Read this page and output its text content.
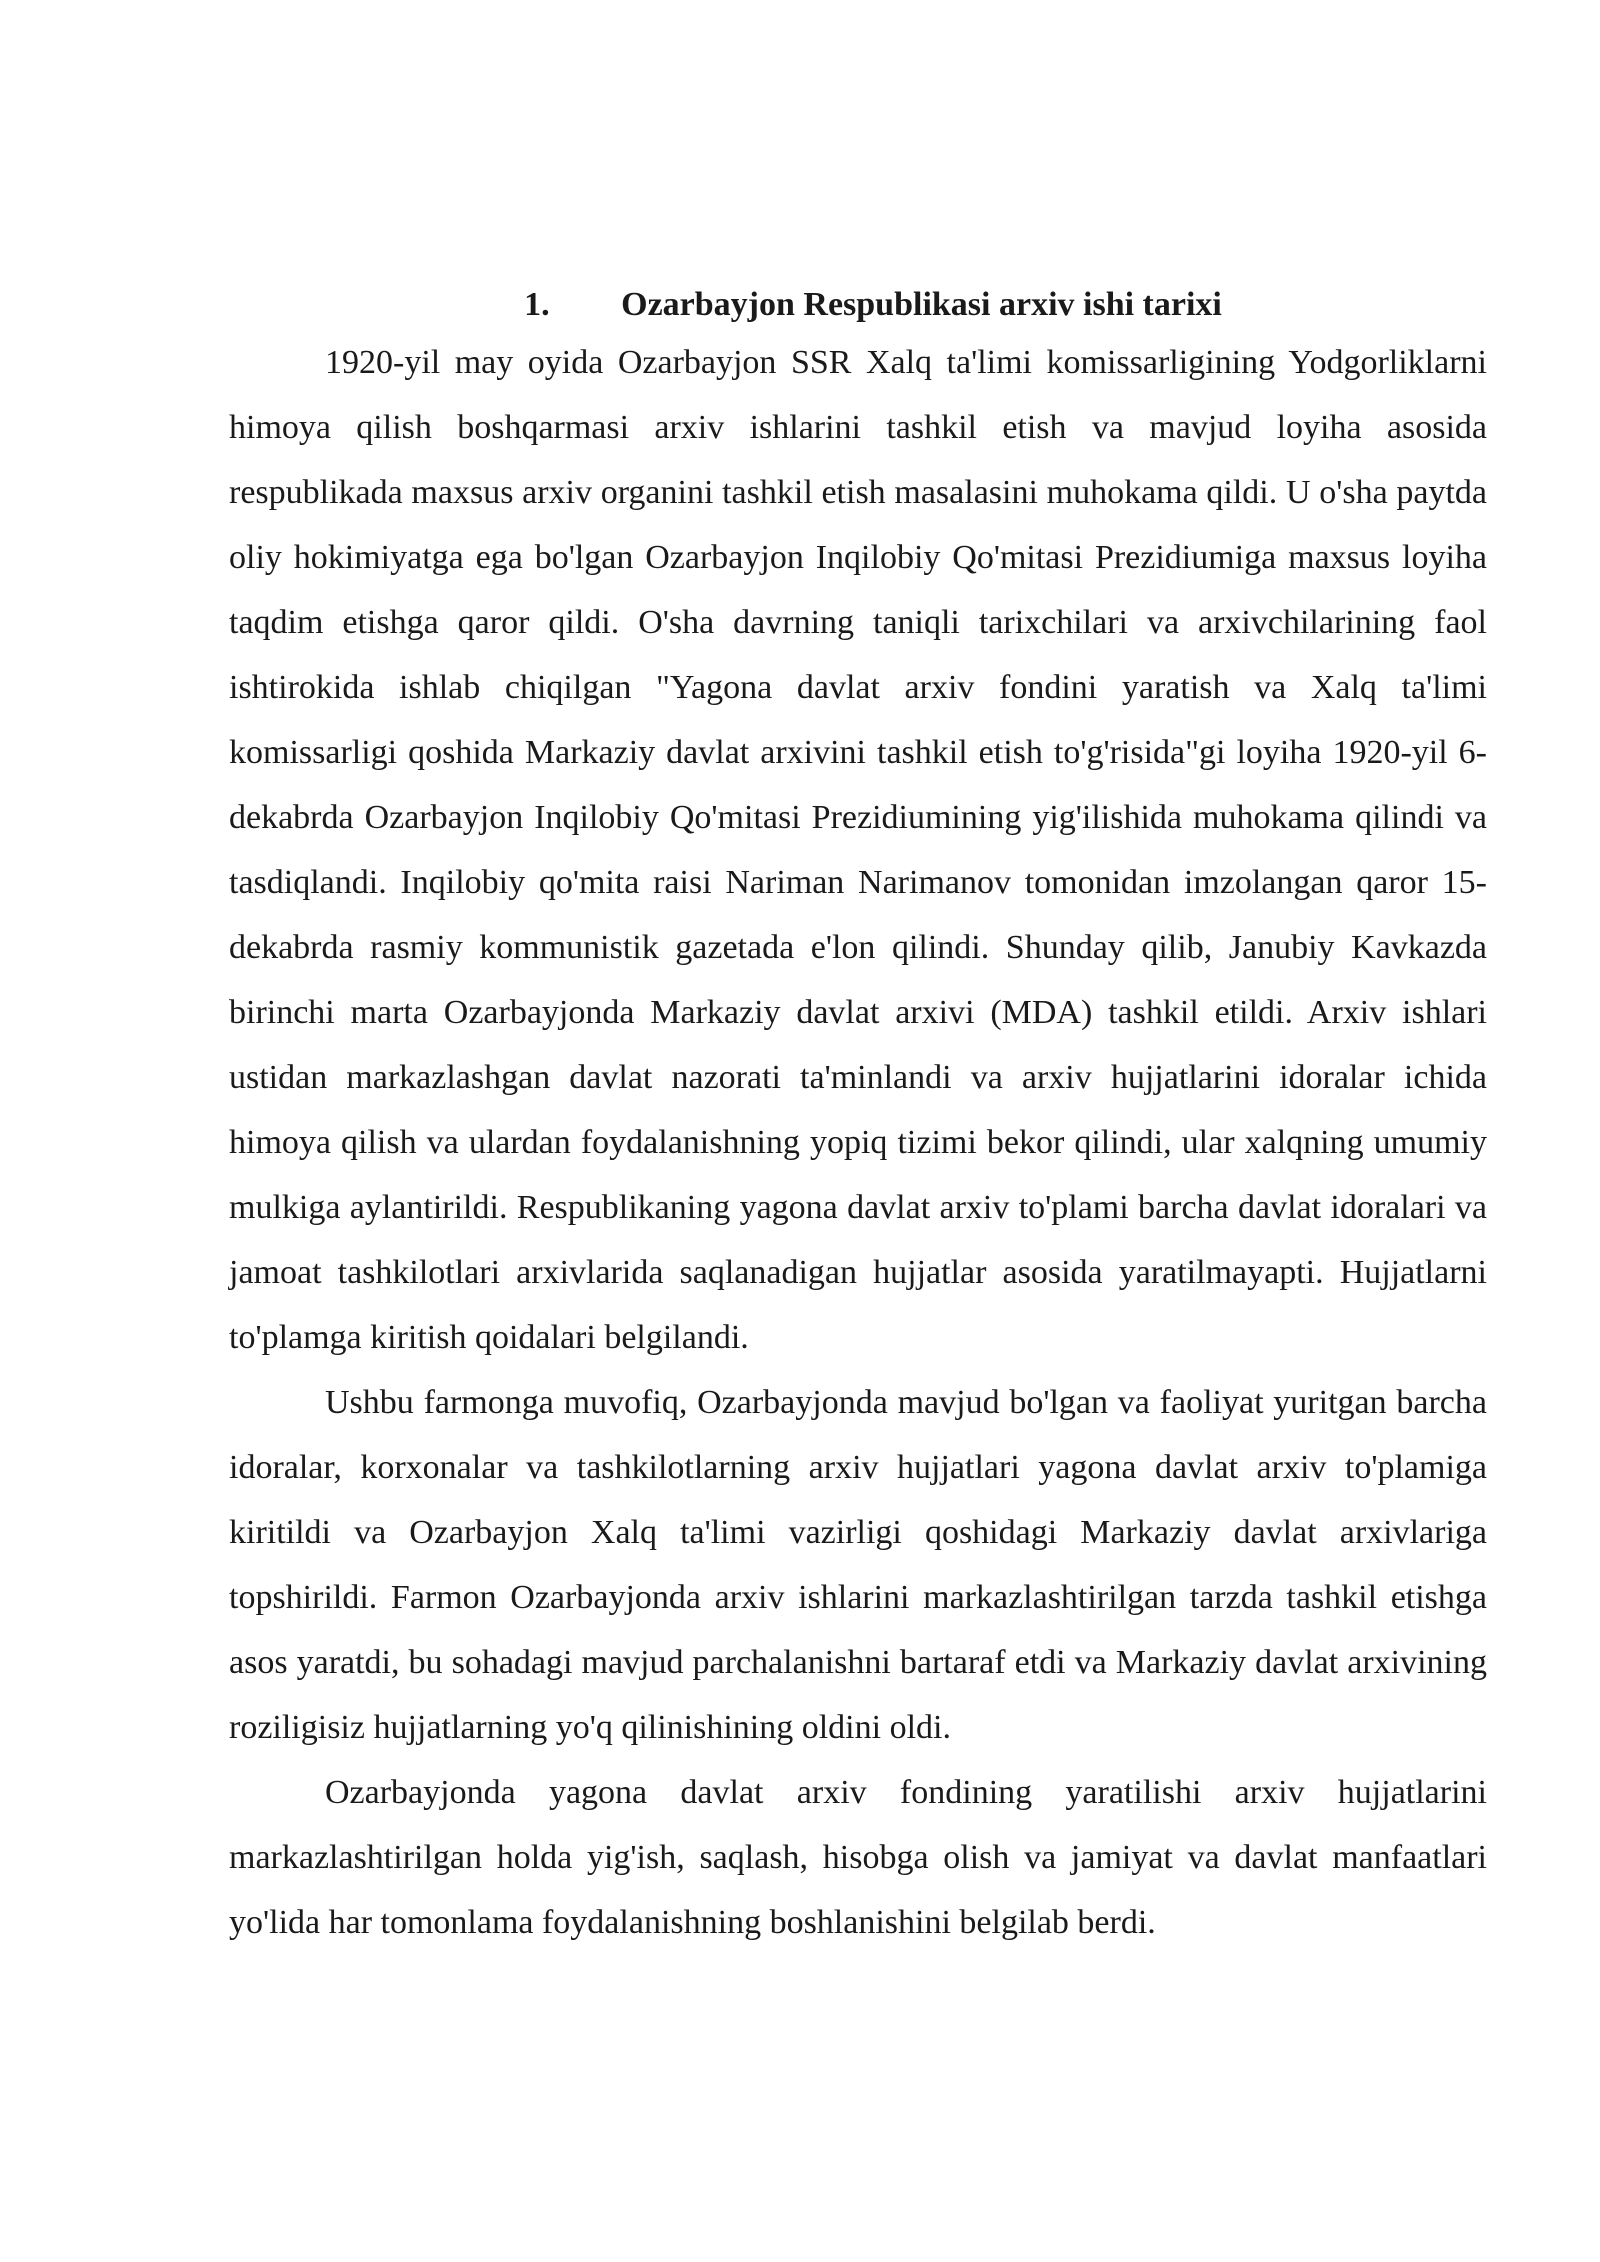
1. Ozarbayjon Respublikasi arxiv ishi tarixi

1920-yil may oyida Ozarbayjon SSR Xalq ta'limi komissarligining Yodgorliklarni himoya qilish boshqarmasi arxiv ishlarini tashkil etish va mavjud loyiha asosida respublikada maxsus arxiv organini tashkil etish masalasini muhokama qildi. U o'sha paytda oliy hokimiyatga ega bo'lgan Ozarbayjon Inqilobiy Qo'mitasi Prezidiumiga maxsus loyiha taqdim etishga qaror qildi. O'sha davrning taniqli tarixchilari va arxivchilarining faol ishtirokida ishlab chiqilgan "Yagona davlat arxiv fondini yaratish va Xalq ta'limi komissarligi qoshida Markaziy davlat arxivini tashkil etish to'g'risida"gi loyiha 1920-yil 6-dekabrda Ozarbayjon Inqilobiy Qo'mitasi Prezidiumining yig'ilishida muhokama qilindi va tasdiqlandi. Inqilobiy qo'mita raisi Nariman Narimanov tomonidan imzolangan qaror 15-dekabrda rasmiy kommunistik gazetada e'lon qilindi. Shunday qilib, Janubiy Kavkazda birinchi marta Ozarbayjonda Markaziy davlat arxivi (MDA) tashkil etildi. Arxiv ishlari ustidan markazlashgan davlat nazorati ta'minlandi va arxiv hujjatlarini idoralar ichida himoya qilish va ulardan foydalanishning yopiq tizimi bekor qilindi, ular xalqning umumiy mulkiga aylantirildi. Respublikaning yagona davlat arxiv to'plami barcha davlat idoralari va jamoat tashkilotlari arxivlarida saqlanadigan hujjatlar asosida yaratilmayapti. Hujjatlarni to'plamga kiritish qoidalari belgilandi.

Ushbu farmonga muvofiq, Ozarbayjonda mavjud bo'lgan va faoliyat yuritgan barcha idoralar, korxonalar va tashkilotlarning arxiv hujjatlari yagona davlat arxiv to'plamiga kiritildi va Ozarbayjon Xalq ta'limi vazirligi qoshidagi Markaziy davlat arxivlariga topshirildi. Farmon Ozarbayjonda arxiv ishlarini markazlashtirilgan tarzda tashkil etishga asos yaratdi, bu sohadagi mavjud parchalanishni bartaraf etdi va Markaziy davlat arxivining roziligisiz hujjatlarning yo'q qilinishining oldini oldi.

Ozarbayjonda yagona davlat arxiv fondining yaratilishi arxiv hujjatlarini markazlashtirilgan holda yig'ish, saqlash, hisobga olish va jamiyat va davlat manfaatlari yo'lida har tomonlama foydalanishning boshlanishini belgilab berdi.
